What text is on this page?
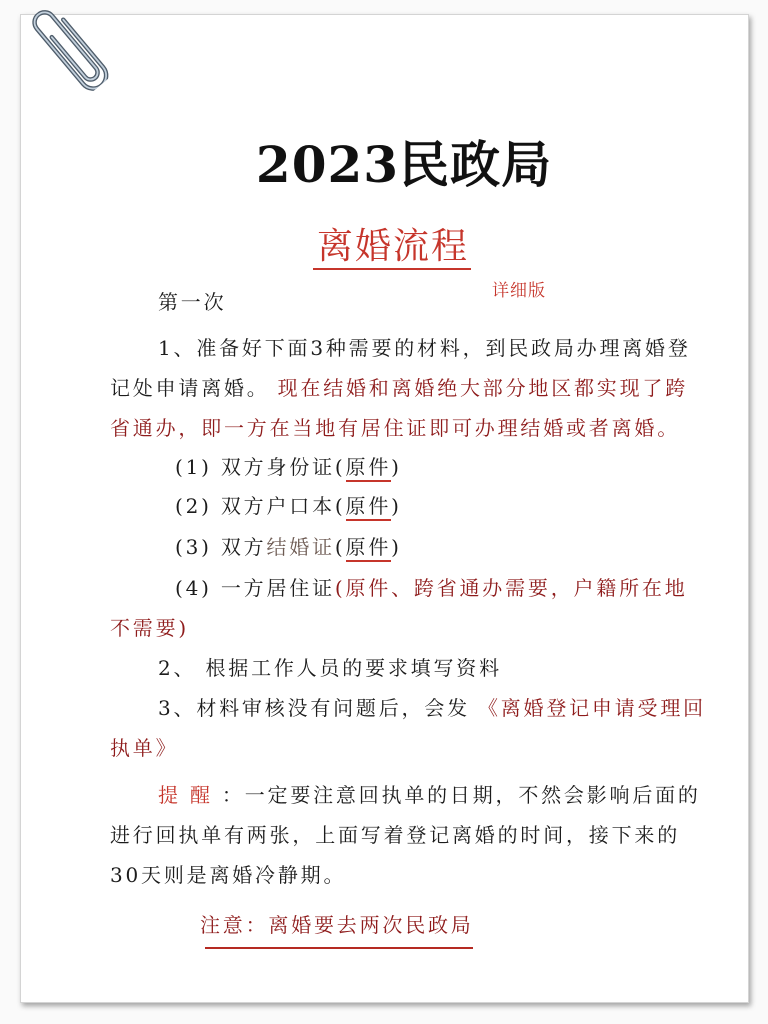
2023民政局
离婚流程
详细版
第一次
1、准备好下面3种需要的材料，到民政局办理离婚登
记处申请离婚。 现在结婚和离婚绝大部分地区都实现了跨
省通办，即一方在当地有居住证即可办理结婚或者离婚。
(1) 双方身份证(原件)
(2) 双方户口本(原件)
(3) 双方结婚证(原件)
(4) 一方居住证(原件、跨省通办需要，户籍所在地
不需要)
2、 根据工作人员的要求填写资料
3、材料审核没有问题后，会发 《离婚登记申请受理回
执单》
提 醒 ：一定要注意回执单的日期，不然会影响后面的
进行回执单有两张，上面写着登记离婚的时间，接下来的
30天则是离婚冷静期。
注意：离婚要去两次民政局
